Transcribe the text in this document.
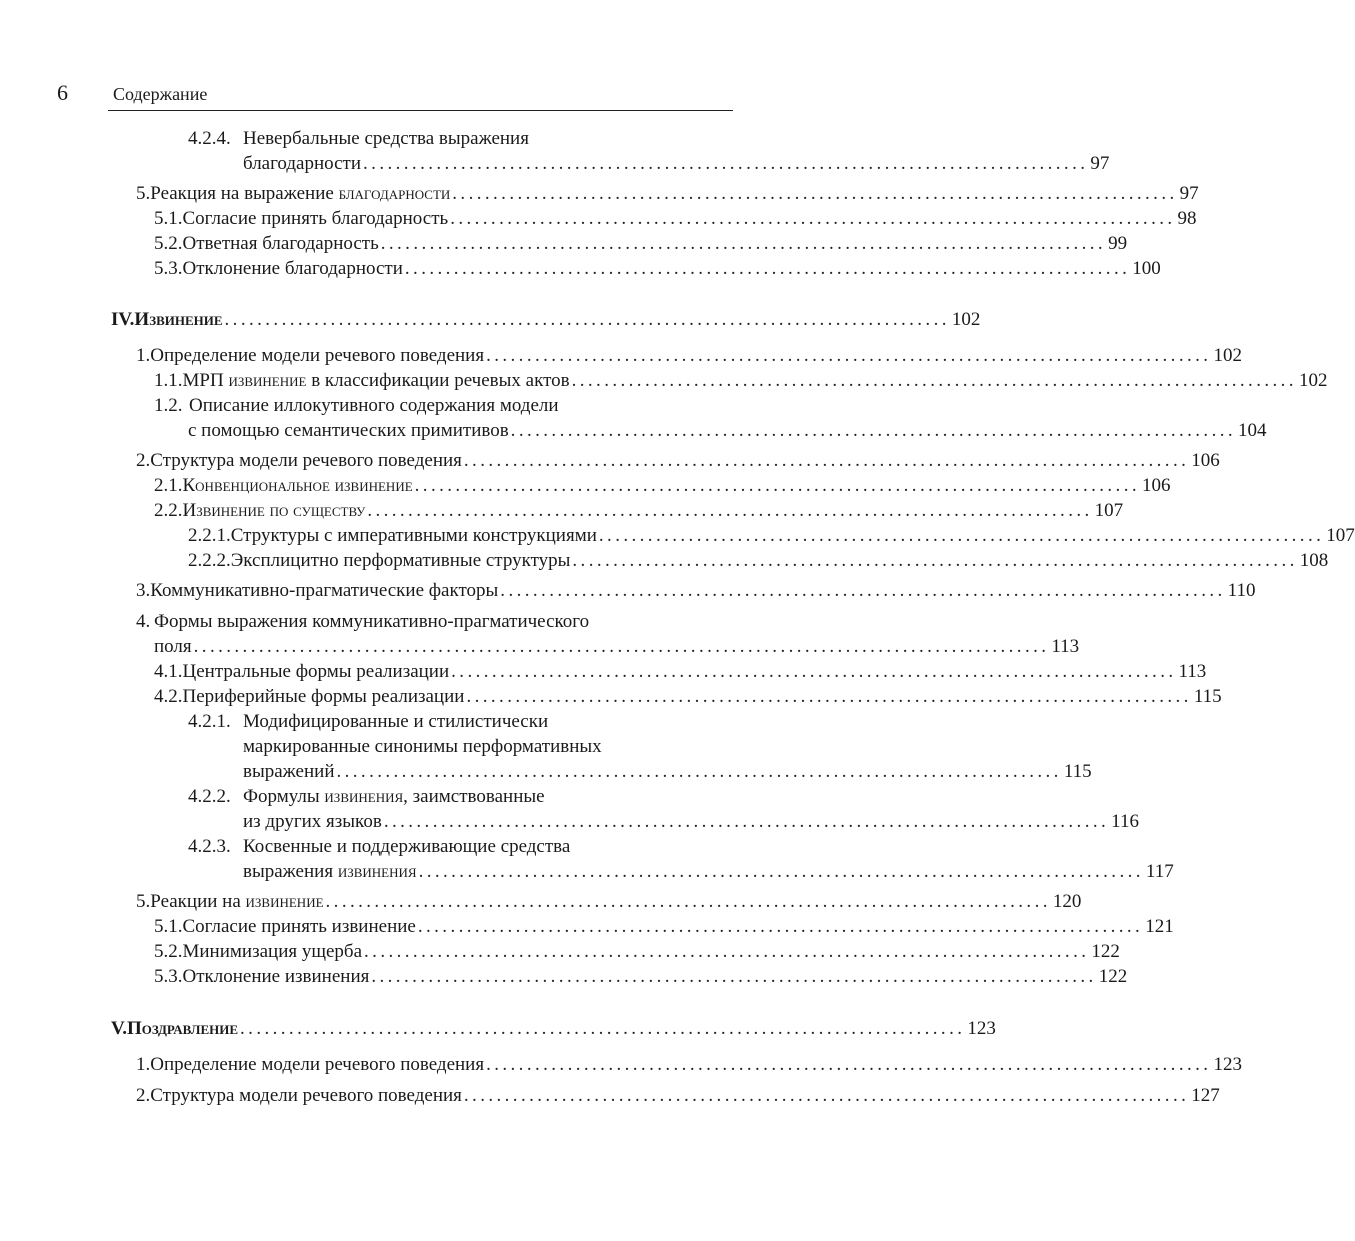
6	Содержание
4.2.4. Невербальные средства выражения
благодарности ......................................................................................... 97
5. Реакция на выражение благодарности ......................................................................................... 97
5.1. Согласие принять благодарность ......................................................................................... 98
5.2. Ответная благодарность ......................................................................................... 99
5.3. Отклонение благодарности ......................................................................................... 100
IV. Извинение ......................................................................................... 102
1. Определение модели речевого поведения ......................................................................................... 102
1.1. МРП извинение в классификации речевых актов ......................................................................................... 102
1.2. Описание иллокутивного содержания модели
с помощью семантических примитивов ......................................................................................... 104
2. Структура модели речевого поведения ......................................................................................... 106
2.1. Конвенциональное извинение ......................................................................................... 106
2.2. Извинение по существу ......................................................................................... 107
2.2.1. Структуры с императивными конструкциями ......................................................................................... 107
2.2.2. Эксплицитно перформативные структуры ......................................................................................... 108
3. Коммуникативно-прагматические факторы ......................................................................................... 110
4. Формы выражения коммуникативно-прагматического
поля ......................................................................................................... 113
4.1. Центральные формы реализации ......................................................................................... 113
4.2. Периферийные формы реализации ......................................................................................... 115
4.2.1. Модифицированные и стилистически
маркированные синонимы перформативных
выражений ......................................................................................... 115
4.2.2. Формулы извинения , заимствованные
из других языков ......................................................................................... 116
4.2.3. Косвенные и поддерживающие средства
выражения извинения ......................................................................................... 117
5. Реакции на извинение ......................................................................................... 120
5.1. Согласие принять извинение ......................................................................................... 121
5.2. Минимизация ущерба ......................................................................................... 122
5.3. Отклонение извинения ......................................................................................... 122
V. Поздравление ......................................................................................... 123
1. Определение модели речевого поведения ......................................................................................... 123
2. Структура модели речевого поведения ......................................................................................... 127
